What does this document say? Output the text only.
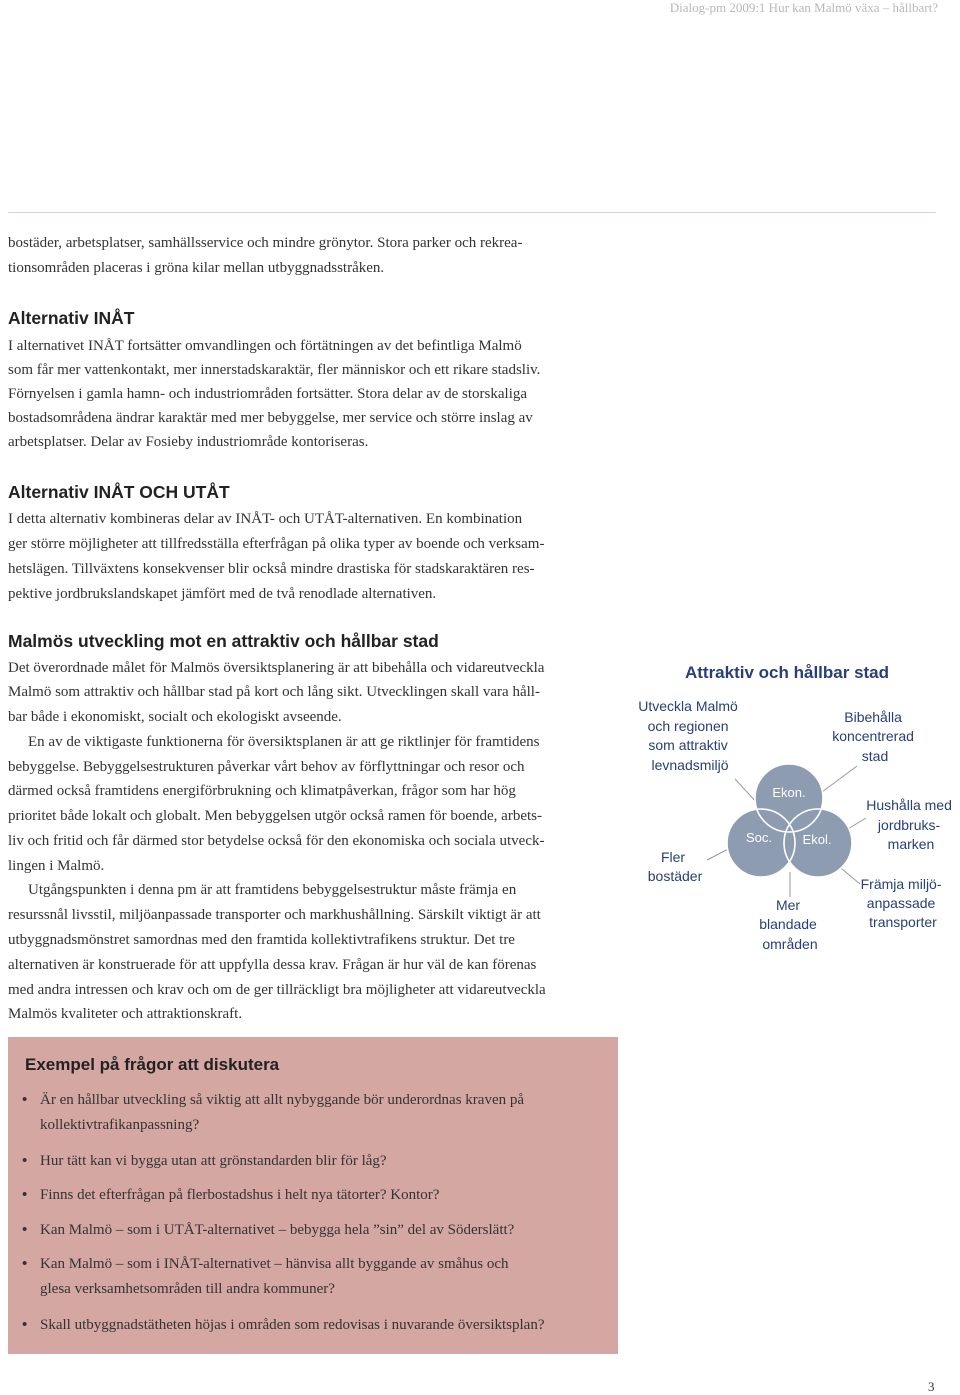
Dialog-pm 2009:1 Hur kan Malmö växa – hållbart?
bostäder, arbetsplatser, samhällsservice och mindre grönytor. Stora parker och rekrea-
tionsområden placeras i gröna kilar mellan utbyggnadsstråken.
Alternativ INÅT
I alternativet INÅT fortsätter omvandlingen och förtätningen av det befintliga Malmö
som får mer vattenkontakt, mer innerstadskaraktär, fler människor och ett rikare stadsliv.
Förnyelsen i gamla hamn- och industriområden fortsätter. Stora delar av de storskaliga
bostadsområdena ändrar karaktär med mer bebyggelse, mer service och större inslag av
arbetsplatser. Delar av Fosieby industriområde kontoriseras.
Alternativ INÅT OCH UTÅT
I detta alternativ kombineras delar av INÅT- och UTÅT-alternativen. En kombination
ger större möjligheter att tillfredsställa efterfrågan på olika typer av boende och verksam-
hetslägen. Tillväxtens konsekvenser blir också mindre drastiska för stadskaraktären res-
pektive jordbrukslandskapet jämfört med de två renodlade alternativen.
Malmös utveckling mot en attraktiv och hållbar stad
Det överordnade målet för Malmös översiktsplanering är att bibehålla och vidareutveckla
Malmö som attraktiv och hållbar stad på kort och lång sikt. Utvecklingen skall vara håll-
bar både i ekonomiskt, socialt och ekologiskt avseende.
En av de viktigaste funktionerna för översiktsplanen är att ge riktlinjer för framtidens
bebyggelse. Bebyggelsestrukturen påverkar vårt behov av förflyttningar och resor och
därmed också framtidens energiförbrukning och klimatpåverkan, frågor som har hög
prioritet både lokalt och globalt. Men bebyggelsen utgör också ramen för boende, arbets-
liv och fritid och får därmed stor betydelse också för den ekonomiska och sociala utveck-
lingen i Malmö.
Utgångspunkten i denna pm är att framtidens bebyggelsestruktur måste främja en
resurssnål livsstil, miljöanpassade transporter och markhushållning. Särskilt viktigt är att
utbyggnadsmönstret samordnas med den framtida kollektivtrafikens struktur. Det tre
alternativen är konstruerade för att uppfylla dessa krav. Frågan är hur väl de kan förenas
med andra intressen och krav och om de ger tillräckligt bra möjligheter att vidareutveckla
Malmös kvaliteter och attraktionskraft.
Attraktiv och hållbar stad
Ekon.
Soc. Ekol.
Utveckla Malmö och regionen som attraktiv levnadsmiljö
Bibehålla koncentrerad stad
Hushålla med jordbruks- marken
Fler bostäder	Främja miljö- anpassade transporter
Mer blandade områden
Exempel på frågor att diskutera
• Är en hållbar utveckling så viktig att allt nybyggande bör underordnas kraven på
kollektivtrafikanpassning?
• Hur tätt kan vi bygga utan att grönstandarden blir för låg?
• Finns det efterfrågan på flerbostadshus i helt nya tätorter? Kontor?
• Kan Malmö – som i UTÅT-alternativet – bebygga hela ”sin” del av Söderslätt?
• Kan Malmö – som i INÅT-alternativet – hänvisa allt byggande av småhus och
glesa verksamhetsområden till andra kommuner?
• Skall utbyggnadstätheten höjas i områden som redovisas i nuvarande översiktsplan?
3
